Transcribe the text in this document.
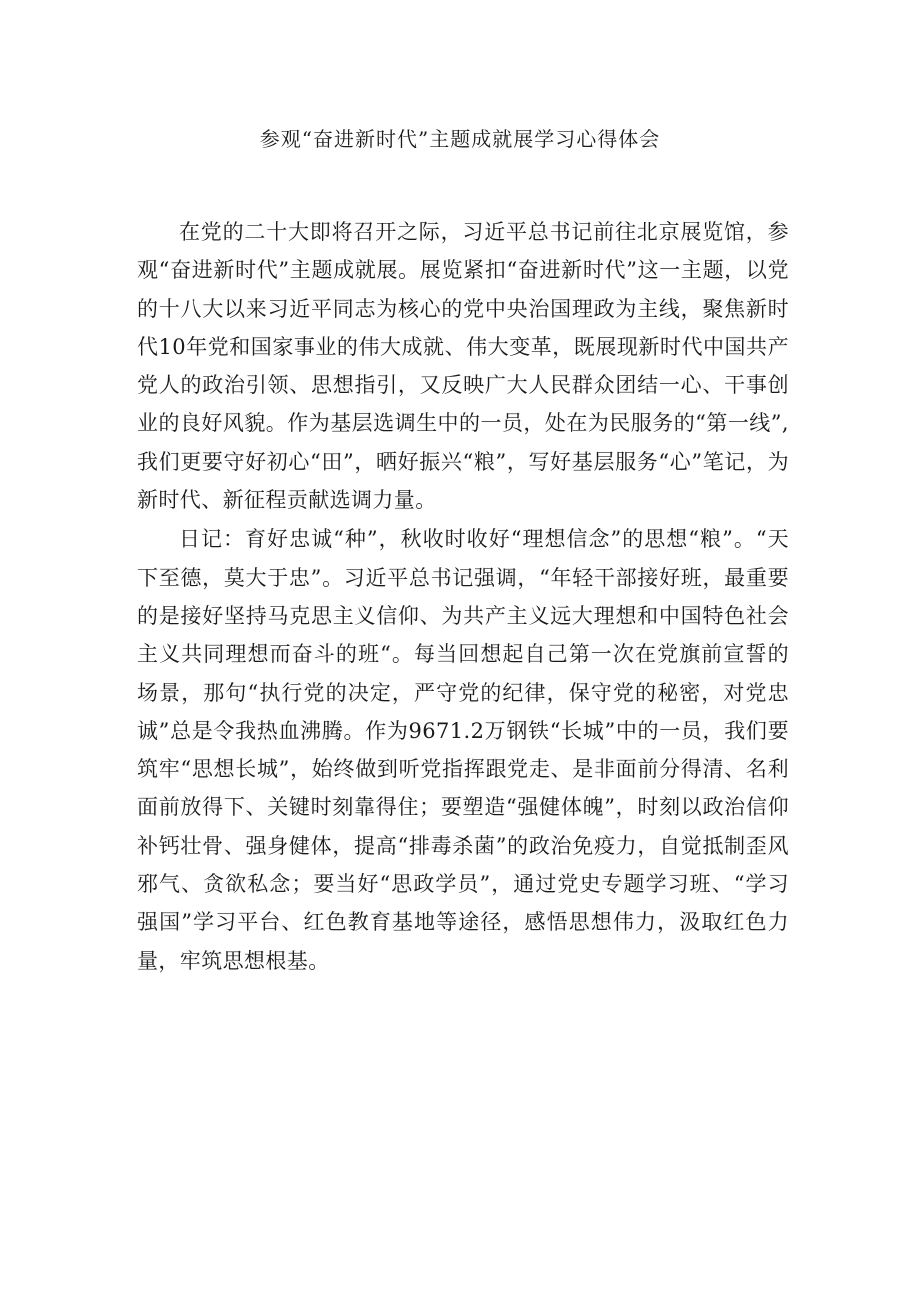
参观“奋进新时代”主题成就展学习心得体会

在党的二十大即将召开之际，习近平总书记前往北京展览馆，参观“奋进新时代”主题成就展。展览紧扣“奋进新时代”这一主题，以党的十八大以来习近平同志为核心的党中央治国理政为主线，聚焦新时代10年党和国家事业的伟大成就、伟大变革，既展现新时代中国共产党人的政治引领、思想指引，又反映广大人民群众团结一心、干事创业的良好风貌。作为基层选调生中的一员，处在为民服务的“第一线”,我们更要守好初心“田”，晒好振兴“粮”，写好基层服务“心”笔记，为新时代、新征程贡献选调力量。

日记：育好忠诚“种”，秋收时收好“理想信念”的思想“粮”。“天下至德，莫大于忠”。习近平总书记强调，“年轻干部接好班，最重要的是接好坚持马克思主义信仰、为共产主义远大理想和中国特色社会主义共同理想而奋斗的班“。每当回想起自己第一次在党旗前宣誓的场景，那句“执行党的决定，严守党的纪律，保守党的秘密，对党忠诚”总是令我热血沸腾。作为9671.2万钢铁“长城”中的一员，我们要筑牢“思想长城”，始终做到听党指挥跟党走、是非面前分得清、名利面前放得下、关键时刻靠得住；要塑造“强健体魄”，时刻以政治信仰补钙壮骨、强身健体，提高“排毒杀菌”的政治免疫力，自觉抵制歪风邪气、贪欲私念；要当好“思政学员”，通过党史专题学习班、“学习强国”学习平台、红色教育基地等途径，感悟思想伟力，汲取红色力量，牢筑思想根基。
